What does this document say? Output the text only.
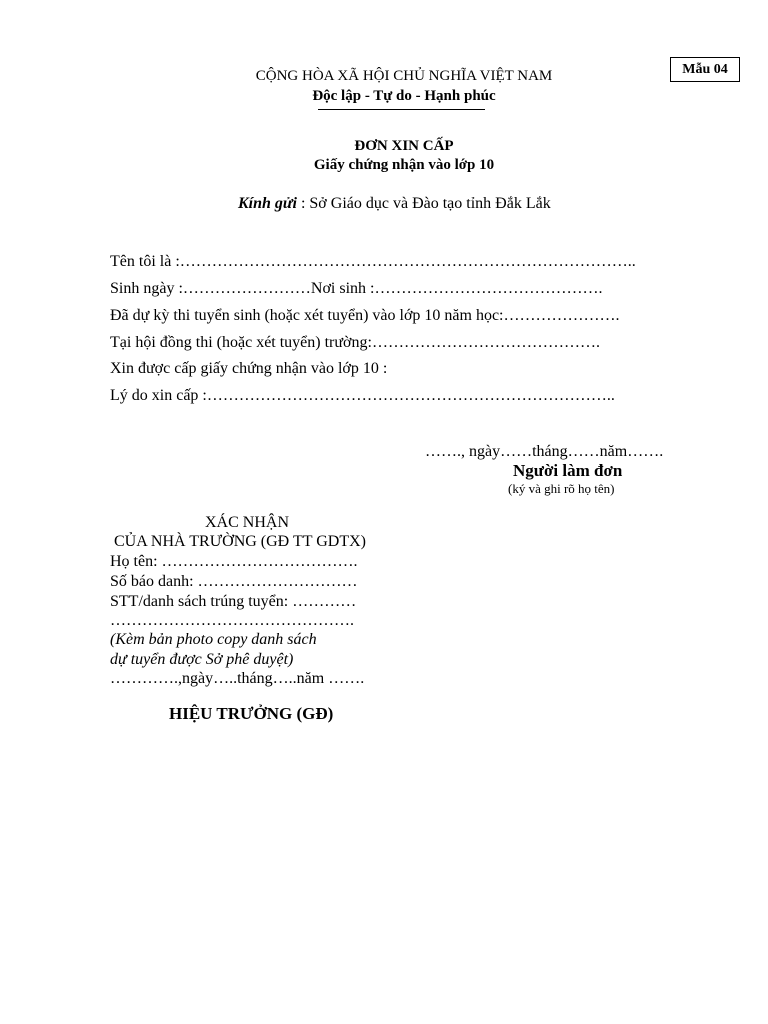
Mẫu 04
CỘNG HÒA XÃ HỘI CHỦ NGHĨA VIỆT NAM
Độc lập - Tự do - Hạnh phúc
ĐƠN XIN CẤP
Giấy chứng nhận vào lớp 10
Kính gửi : Sở Giáo dục và Đào tạo tỉnh Đắk Lắk
Tên tôi là :…………………………………………………………………………..
Sinh ngày :……………………Nơi sinh :…………………………………….
Đã dự kỳ thi tuyển sinh (hoặc xét tuyển) vào lớp 10 năm học:………………….
Tại hội đồng thi (hoặc xét tuyển) trường:…………………………………….
Xin được cấp giấy chứng nhận vào lớp 10 :
Lý do xin cấp :…………………………………………………………………..
……., ngày……tháng……năm…….
Người làm đơn
(ký và ghi rõ họ tên)
XÁC NHẬN
CỦA NHÀ TRƯỜNG (GĐ TT GDTX)
Họ tên: ……………………………….
Số báo danh: …………………………
STT/danh sách trúng tuyển: …………
……………………………………….
(Kèm bản photo copy danh sách
dự tuyển được Sở phê duyệt)
………….,ngày…..tháng…..năm …….
HIỆU TRƯỞNG (GĐ)
